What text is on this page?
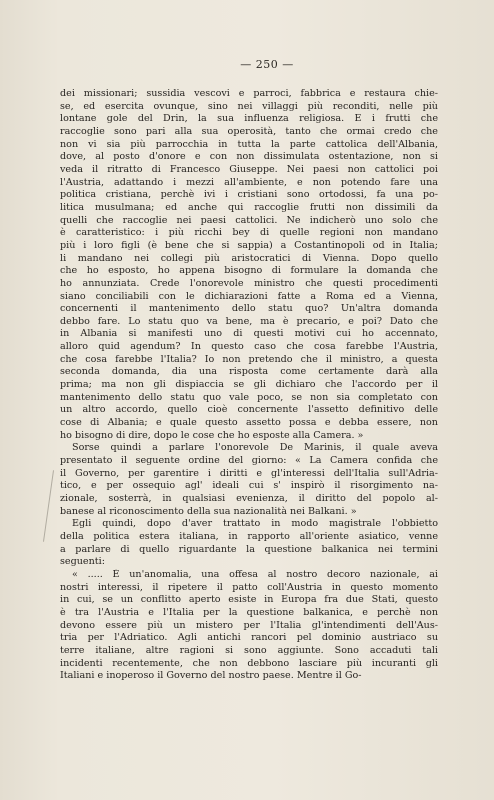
— 250 —

dei missionari; sussidia vescovi e parroci, fabbrica e restaura chie-

se, ed esercita ovunque, sino nei villaggi più reconditi, nelle più

lontane gole del Drin, la sua influenza religiosa. E i frutti che

raccoglie sono pari alla sua operosità, tanto che ormai credo che

non vi sia più parrocchia in tutta la parte cattolica dell'Albania,

dove, al posto d'onore e con non dissimulata ostentazione, non si

veda il ritratto di Francesco Giuseppe. Nei paesi non cattolici poi

l'Austria, adattando i mezzi all'ambiente, e non potendo fare una

politica cristiana, perchè ivi i cristiani sono ortodossi, fa una po-

litica musulmana; ed anche qui raccoglie frutti non dissimili da

quelli che raccoglie nei paesi cattolici. Ne indicherò uno solo che

è caratteristico: i più ricchi bey di quelle regioni non mandano

più i loro figli (è bene che si sappia) a Costantinopoli od in Italia;

li mandano nei collegi più aristocratici di Vienna. Dopo quello

che ho esposto, ho appena bisogno di formulare la domanda che

ho annunziata. Crede l'onorevole ministro che questi procedimenti

siano conciliabili con le dichiarazioni fatte a Roma ed a Vienna,

concernenti il mantenimento dello statu quo? Un'altra domanda

debbo fare. Lo statu quo va bene, ma è precario, e poi? Dato che

in Albania si manifesti uno di questi motivi cui ho accennato,

alloro quid agendum? In questo caso che cosa farebbe l'Austria,

che cosa farebbe l'Italia? Io non pretendo che il ministro, a questa

seconda domanda, dia una risposta come certamente darà alla

prima; ma non gli dispiaccia se gli dichiaro che l'accordo per il

mantenimento dello statu quo vale poco, se non sia completato con

un altro accordo, quello cioè concernente l'assetto definitivo delle

cose di Albania; e quale questo assetto possa e debba essere, non

ho bisogno di dire, dopo le cose che ho esposte alla Camera. »

Sorse quindi a parlare l'onorevole De Marinis, il quale aveva

presentato il seguente ordine del giorno: « La Camera confida che

il Governo, per garentire i diritti e gl'interessi dell'Italia sull'Adria-

tico, e per ossequio agl' ideali cui s' inspirò il risorgimento na-

zionale, sosterrà, in qualsiasi evenienza, il diritto del popolo al-

banese al riconoscimento della sua nazionalità nei Balkani. »

Egli quindi, dopo d'aver trattato in modo magistrale l'obbietto

della politica estera italiana, in rapporto all'oriente asiatico, venne

a parlare di quello riguardante la questione balkanica nei termini

seguenti:

« ..... È un'anomalia, una offesa al nostro decoro nazionale, ai

nostri interessi, il ripetere il patto coll'Austria in questo momento

in cui, se un conflitto aperto esiste in Europa fra due Stati, questo

è tra l'Austria e l'Italia per la questione balkanica, e perchè non

devono essere più un mistero per l'Italia gl'intendimenti dell'Aus-

tria per l'Adriatico. Agli antichi rancori pel dominio austriaco su

terre italiane, altre ragioni si sono aggiunte. Sono accaduti tali

incidenti recentemente, che non debbono lasciare più incuranti gli

Italiani e inoperoso il Governo del nostro paese. Mentre il Go-
